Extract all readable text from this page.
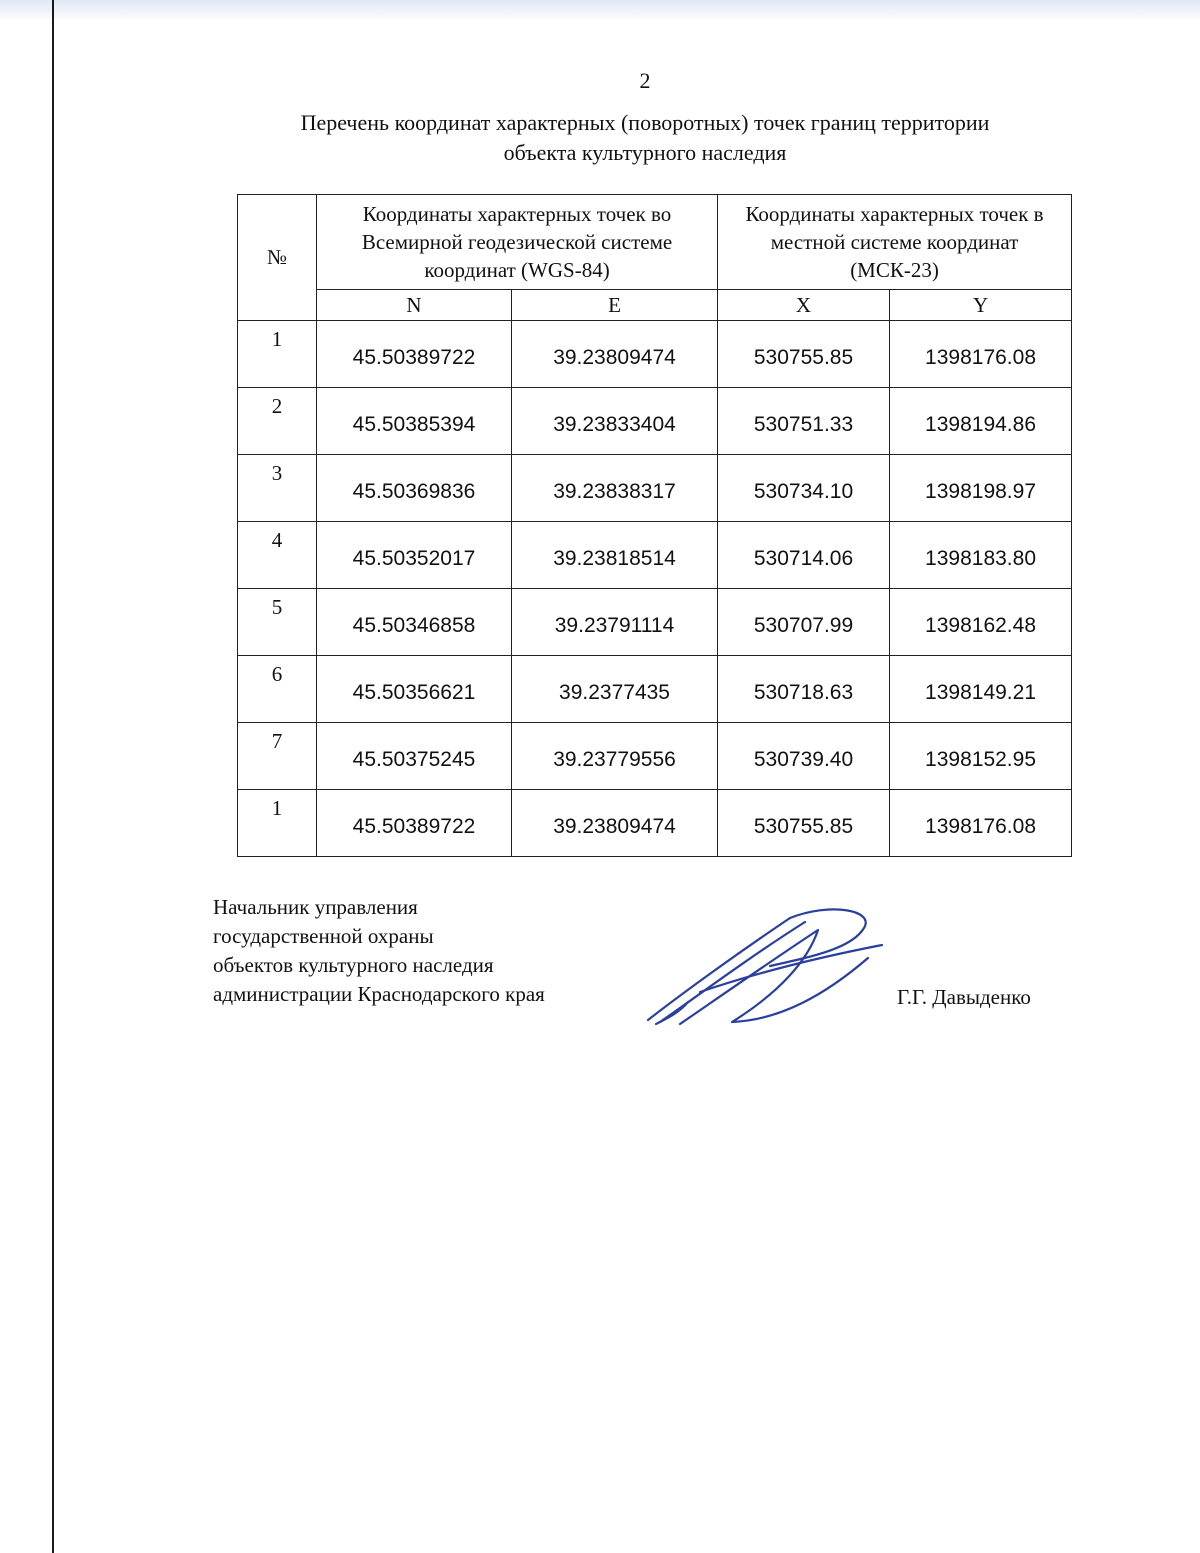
2
Перечень координат характерных (поворотных) точек границ территории
объекта культурного наследия
№	Координаты характерных точек во Всемирной геодезической системе координат (WGS-84)		Координаты характерных точек в местной системе координат (МСК-23)	
	N	E	X	Y
1	45.50389722	39.23809474	530755.85	1398176.08
2	45.50385394	39.23833404	530751.33	1398194.86
3	45.50369836	39.23838317	530734.10	1398198.97
4	45.50352017	39.23818514	530714.06	1398183.80
5	45.50346858	39.23791114	530707.99	1398162.48
6	45.50356621	39.2377435	530718.63	1398149.21
7	45.50375245	39.23779556	530739.40	1398152.95
1	45.50389722	39.23809474	530755.85	1398176.08
Начальник управления
государственной охраны
объектов культурного наследия
администрации Краснодарского края	Г.Г. Давыденко
